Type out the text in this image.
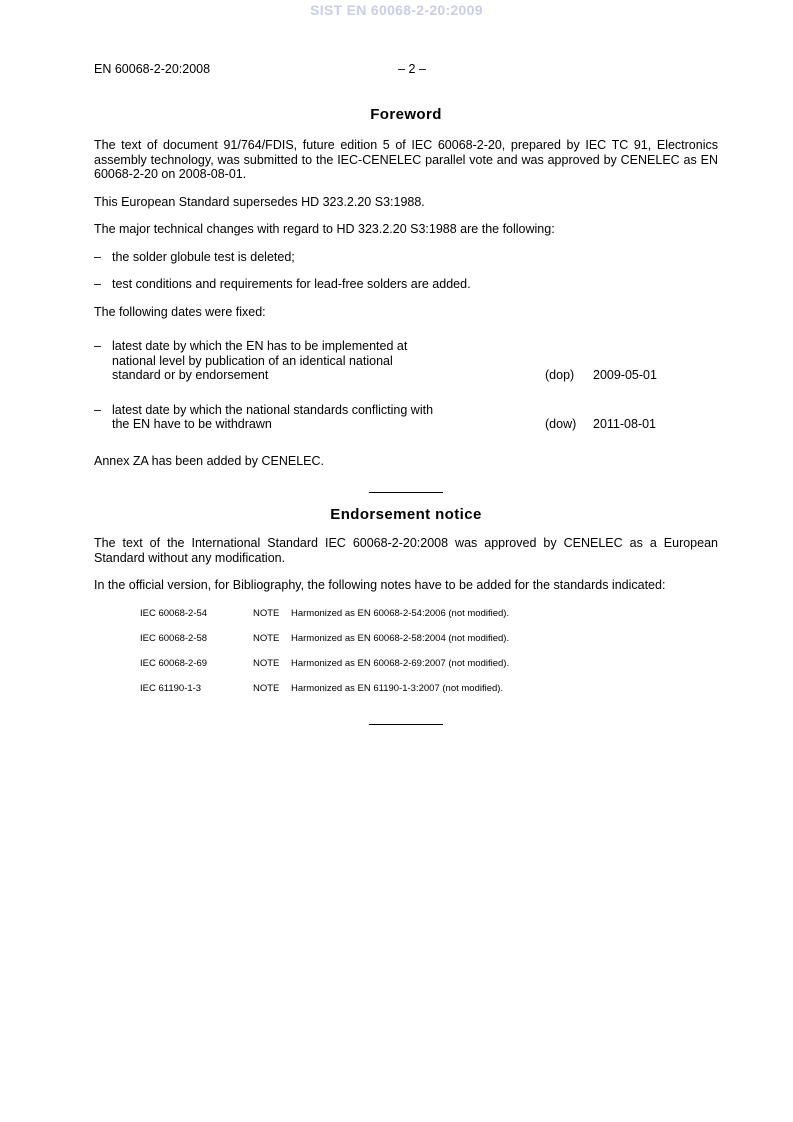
SIST EN 60068-2-20:2009
EN 60068-2-20:2008	– 2 –
Foreword

The text of document 91/764/FDIS, future edition 5 of IEC 60068-2-20, prepared by IEC TC 91, Electronics assembly technology, was submitted to the IEC-CENELEC parallel vote and was approved by CENELEC as EN 60068-2-20 on 2008-08-01.

This European Standard supersedes HD 323.2.20 S3:1988.

The major technical changes with regard to HD 323.2.20 S3:1988 are the following:

– the solder globule test is deleted;
– test conditions and requirements for lead-free solders are added.

The following dates were fixed:

– latest date by which the EN has to be implemented at national level by publication of an identical national standard or by endorsement	(dop) 2009-05-01
– latest date by which the national standards conflicting with the EN have to be withdrawn	(dow) 2011-08-01

Annex ZA has been added by CENELEC.

Endorsement notice

The text of the International Standard IEC 60068-2-20:2008 was approved by CENELEC as a European Standard without any modification.

In the official version, for Bibliography, the following notes have to be added for the standards indicated:

IEC 60068-2-54	NOTE Harmonized as EN 60068-2-54:2006 (not modified).
IEC 60068-2-58	NOTE Harmonized as EN 60068-2-58:2004 (not modified).
IEC 60068-2-69	NOTE Harmonized as EN 60068-2-69:2007 (not modified).
IEC 61190-1-3	NOTE Harmonized as EN 61190-1-3:2007 (not modified).
